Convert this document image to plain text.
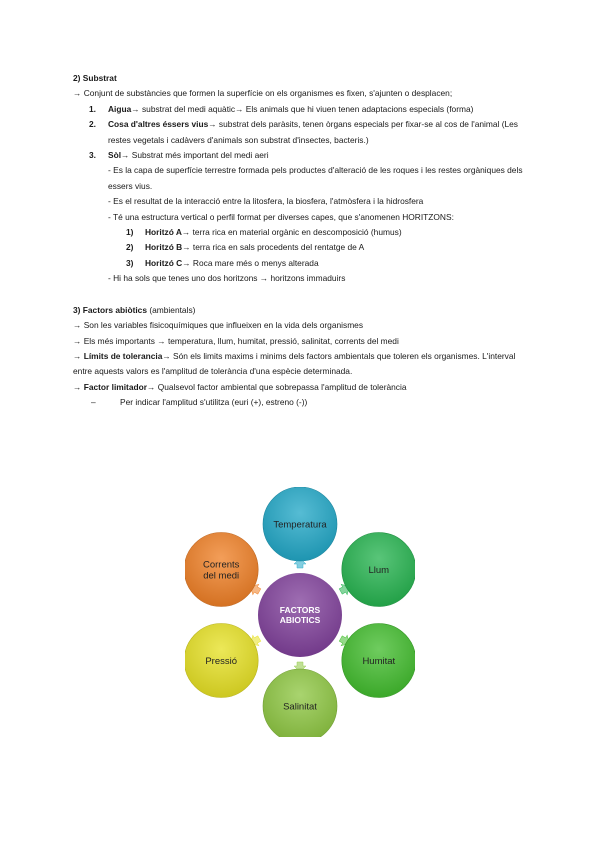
2) Substrat
→ Conjunt de substàncies que formen la superfície on els organismes es fixen, s'ajunten o desplacen;
1. Aigua→ substrat del medi aquàtic→ Els animals que hi viuen tenen adaptacions especials (forma)
2. Cosa d'altres éssers vius→ substrat dels paràsits, tenen òrgans especials per fixar-se al cos de l'animal (Les restes vegetals i cadàvers d'animals son substrat d'insectes, bacteris.)
3. Sòl→ Substrat més important del medi aeri
- Es la capa de superfície terrestre formada pels productes d'alteració de les roques i les restes orgàniques dels essers vius.
- Es el resultat de la interacció entre la litosfera, la biosfera, l'atmòsfera i la hidrosfera
- Té una estructura vertical o perfil format per diverses capes, que s'anomenen HORITZONS:
1) Horitzó A→ terra rica en material orgànic en descomposició (humus)
2) Horitzó B→ terra rica en sals procedents del rentatge de A
3) Horitzó C→ Roca mare més o menys alterada
- Hi ha sols que tenes uno dos horitzons → horitzons immaduirs
3) Factors abiòtics (ambientals)
→ Son les variables fisicoquímiques que influeixen en la vida dels organismes
→ Els més importants → temperatura, llum, humitat, pressió, salinitat, corrents del medi
→ Límits de tolerancia→ Són els limits maxims i minims dels factors ambientals que toleren els organismes. L'interval entre aquests valors es l'amplitud de tolerància d'una espècie determinada.
→ Factor limitador→ Qualsevol factor ambiental que sobrepassa l'amplitud de tolerància
–	Per indicar l'amplitud s'utilitza (euri (+), estreno (-))
Temperatura
Llum
Humitat
Salinitat
Pressió
Corrents
del medi
FACTORS
ABIOTICS
